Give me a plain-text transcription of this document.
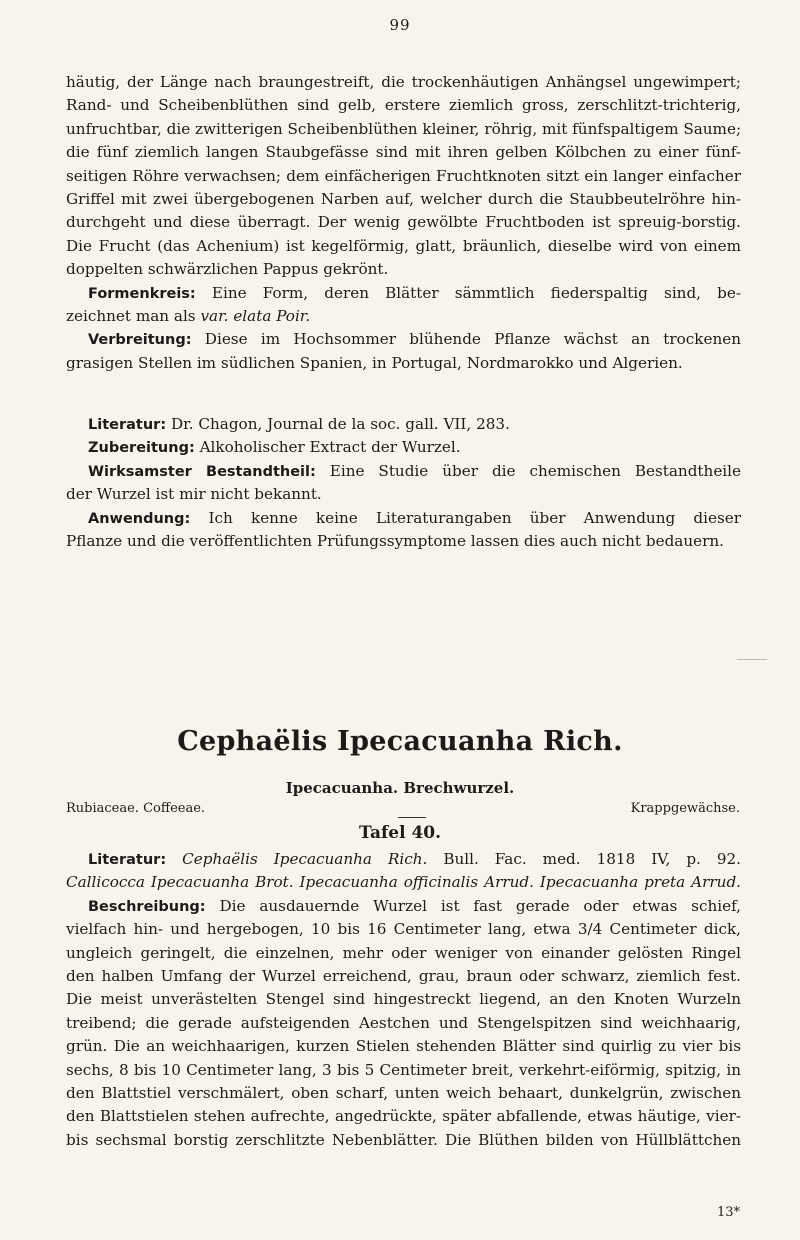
99
häutig, der Länge nach braungestreift, die trockenhäutigen Anhängsel ungewimpert;
Rand- und Scheibenblüthen sind gelb, erstere ziemlich gross, zerschlitzt-trichterig,
unfruchtbar, die zwitterigen Scheibenblüthen kleiner, röhrig, mit fünfspaltigem Saume;
die fünf ziemlich langen Staubgefässe sind mit ihren gelben Kölbchen zu einer fünf-
seitigen Röhre verwachsen; dem einfächerigen Fruchtknoten sitzt ein langer einfacher
Griffel mit zwei übergebogenen Narben auf, welcher durch die Staubbeutelröhre hin-
durchgeht und diese überragt. Der wenig gewölbte Fruchtboden ist spreuig-borstig.
Die Frucht (das Achenium) ist kegelförmig, glatt, bräunlich, dieselbe wird von einem
doppelten schwärzlichen Pappus gekrönt.
Formenkreis: Eine Form, deren Blätter sämmtlich fiederspaltig sind, be-
zeichnet man als var. elata Poir.
Verbreitung: Diese im Hochsommer blühende Pflanze wächst an trockenen
grasigen Stellen im südlichen Spanien, in Portugal, Nordmarokko und Algerien.
Literatur: Dr. Chagon, Journal de la soc. gall. VII, 283.
Zubereitung: Alkoholischer Extract der Wurzel.
Wirksamster Bestandtheil: Eine Studie über die chemischen Bestandtheile
der Wurzel ist mir nicht bekannt.
Anwendung: Ich kenne keine Literaturangaben über Anwendung dieser
Pflanze und die veröffentlichten Prüfungssymptome lassen dies auch nicht bedauern.
Cephaëlis Ipecacuanha Rich.
Ipecacuanha. Brechwurzel.
Rubiaceae. Coffeeae.	Krappgewächse.
Tafel 40.
Literatur: Cephaëlis Ipecacuanha Rich. Bull. Fac. med. 1818 IV, p. 92.
Callicocca Ipecacuanha Brot. Ipecacuanha officinalis Arrud. Ipecacuanha preta Arrud.
Beschreibung: Die ausdauernde Wurzel ist fast gerade oder etwas schief,
vielfach hin- und hergebogen, 10 bis 16 Centimeter lang, etwa 3/4 Centimeter dick,
ungleich geringelt, die einzelnen, mehr oder weniger von einander gelösten Ringel
den halben Umfang der Wurzel erreichend, grau, braun oder schwarz, ziemlich fest.
Die meist unverästelten Stengel sind hingestreckt liegend, an den Knoten Wurzeln
treibend; die gerade aufsteigenden Aestchen und Stengelspitzen sind weichhaarig,
grün. Die an weichhaarigen, kurzen Stielen stehenden Blätter sind quirlig zu vier bis
sechs, 8 bis 10 Centimeter lang, 3 bis 5 Centimeter breit, verkehrt-eiförmig, spitzig, in
den Blattstiel verschmälert, oben scharf, unten weich behaart, dunkelgrün, zwischen
den Blattstielen stehen aufrechte, angedrückte, später abfallende, etwas häutige, vier-
bis sechsmal borstig zerschlitzte Nebenblätter. Die Blüthen bilden von Hüllblättchen
13*
